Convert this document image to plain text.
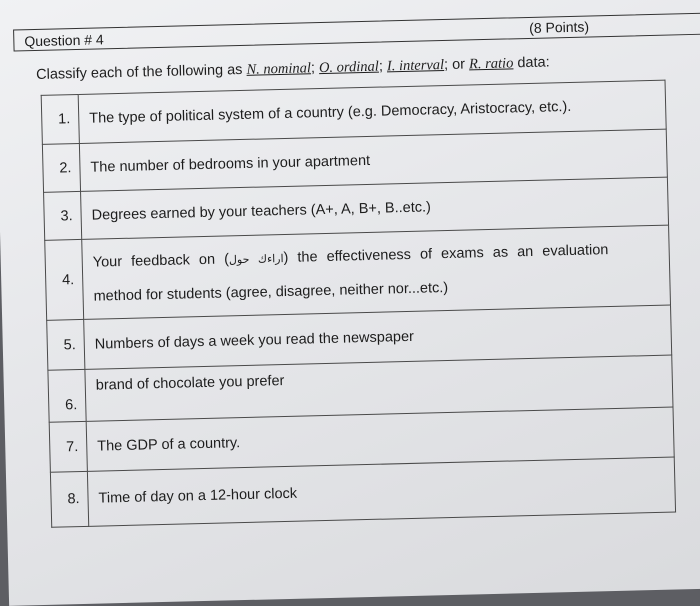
Question # 4
(8 Points)
Classify each of the following as N. nominal; O. ordinal; I. interval; or R. ratio data:
1.	The type of political system of a country (e.g. Democracy, Aristocracy, etc.).
2.	The number of bedrooms in your apartment
3.	Degrees earned by your teachers (A+, A, B+, B..etc.)
4.	Your feedback on (اراءك حول) the effectiveness of exams as an evaluation
method for students (agree, disagree, neither nor...etc.)

5.	Numbers of days a week you read the newspaper
6.	brand of chocolate you prefer
7.	The GDP of a country.
8.	Time of day on a 12-hour clock
